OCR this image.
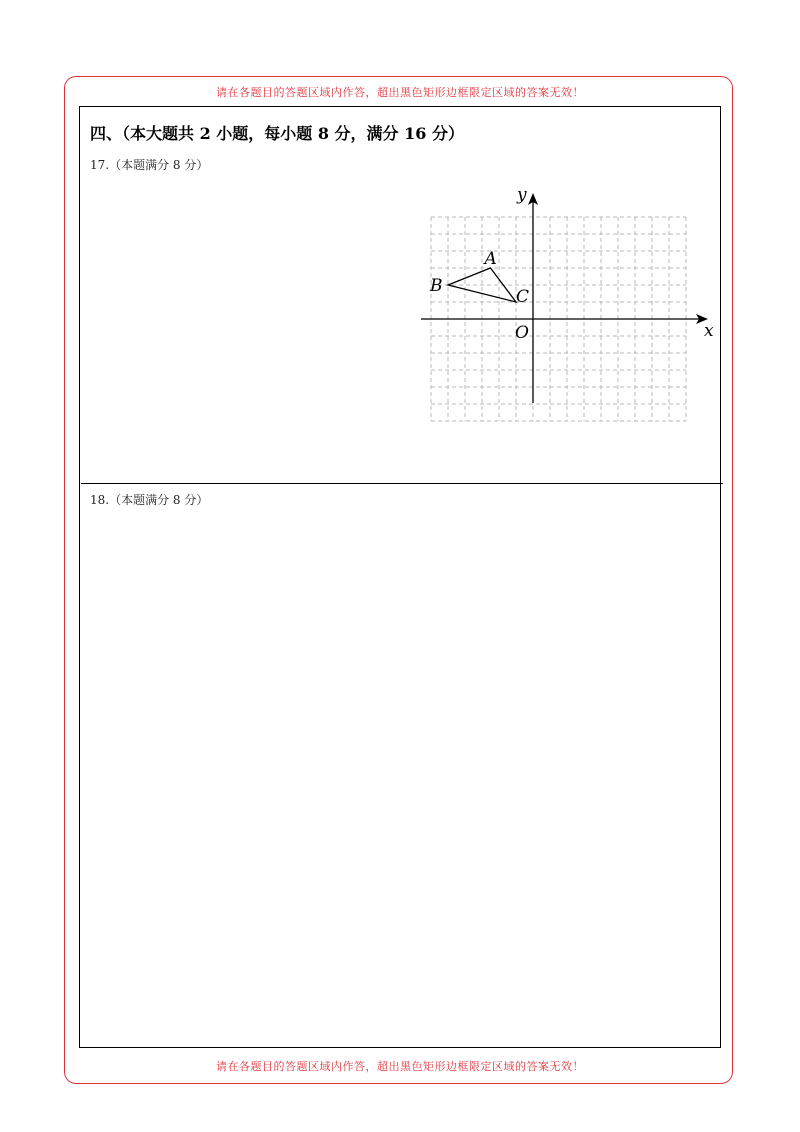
请在各题目的答题区域内作答，超出黑色矩形边框限定区域的答案无效！
请在各题目的答题区域内作答，超出黑色矩形边框限定区域的答案无效！
四、（本大题共 2 小题，每小题 8 分，满分 16 分）
17.（本题满分 8 分）
18.（本题满分 8 分）
x
y
O
A
B
C
